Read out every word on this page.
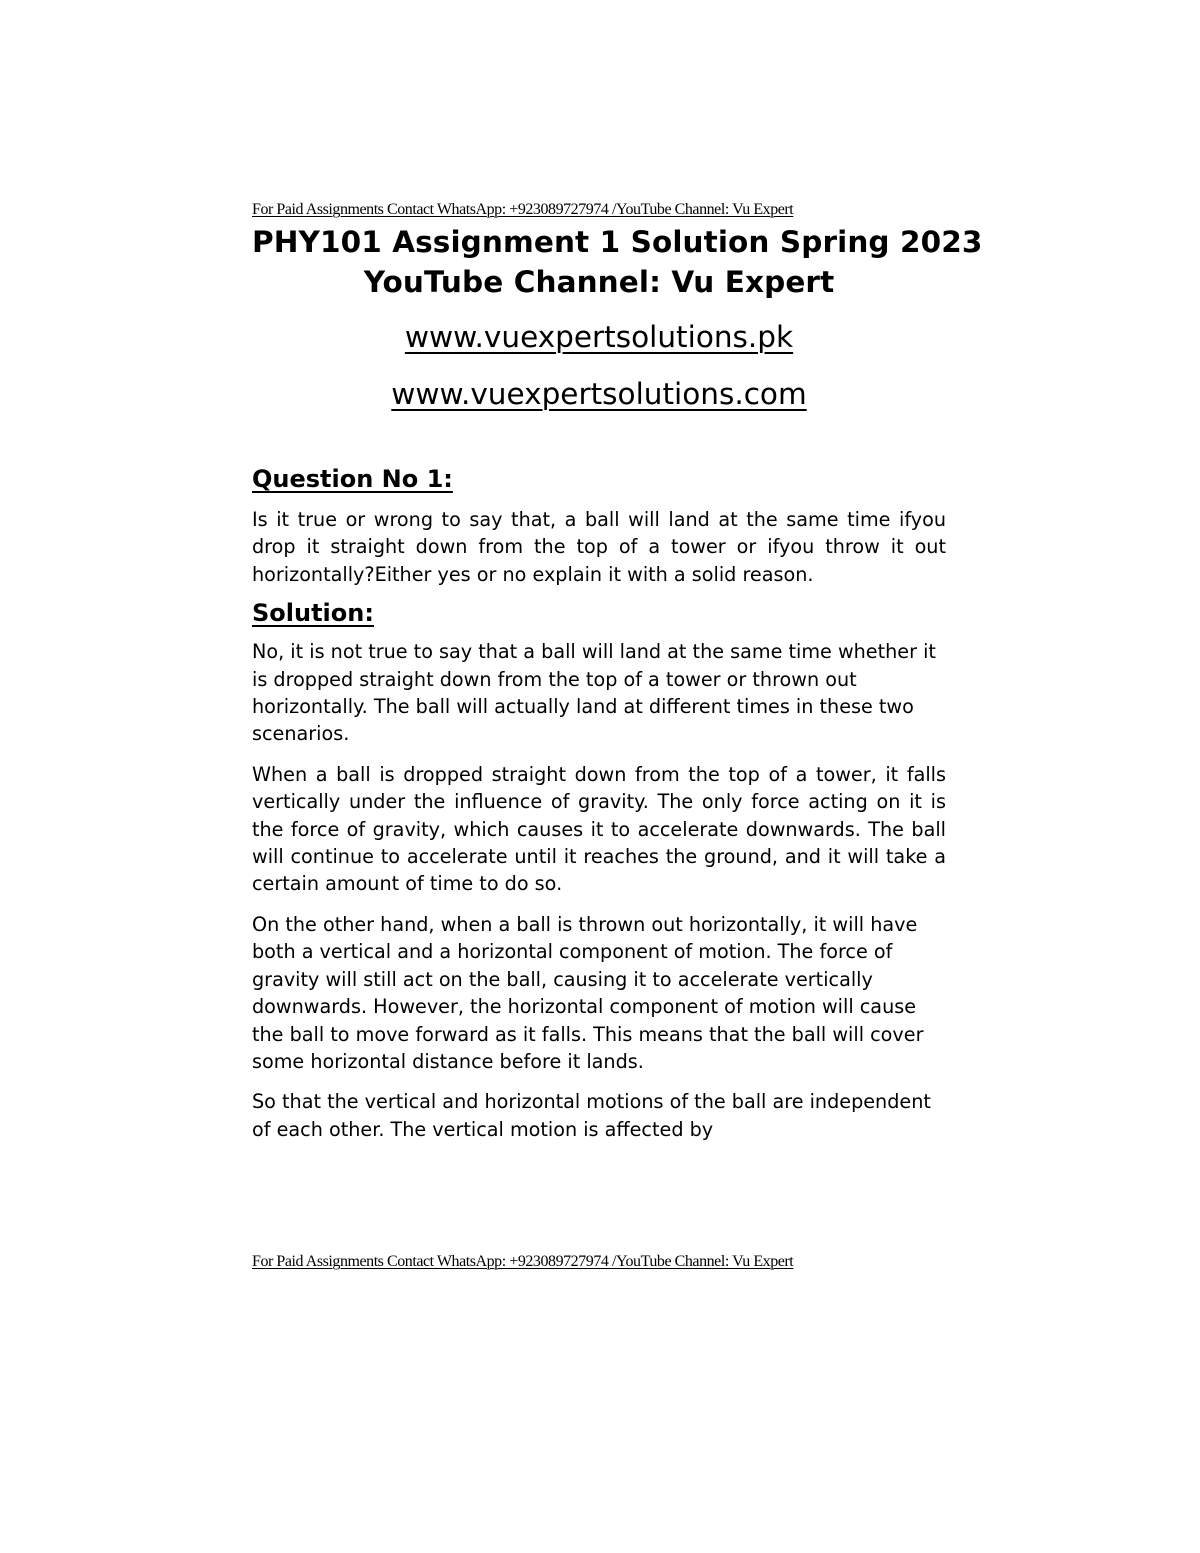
For Paid Assignments Contact WhatsApp: +923089727974 /YouTube Channel: Vu Expert

PHY101 Assignment 1 Solution Spring 2023
YouTube Channel: Vu Expert

www.vuexpertsolutions.pk

www.vuexpertsolutions.com

Question No 1:

Is it true or wrong to say that, a ball will land at the same time ifyou drop it straight down from the top of a tower or ifyou throw it out horizontally?Either yes or no explain it with a solid reason.

Solution:

No, it is not true to say that a ball will land at the same time whether it is dropped straight down from the top of a tower or thrown out horizontally. The ball will actually land at different times in these two scenarios.

When a ball is dropped straight down from the top of a tower, it falls vertically under the influence of gravity. The only force acting on it is the force of gravity, which causes it to accelerate downwards. The ball will continue to accelerate until it reaches the ground, and it will take a certain amount of time to do so.

On the other hand, when a ball is thrown out horizontally, it will have both a vertical and a horizontal component of motion. The force of gravity will still act on the ball, causing it to accelerate vertically downwards. However, the horizontal component of motion will cause the ball to move forward as it falls. This means that the ball will cover some horizontal distance before it lands.

So that the vertical and horizontal motions of the ball are independent of each other. The vertical motion is affected by

For Paid Assignments Contact WhatsApp: +923089727974 /YouTube Channel: Vu Expert
